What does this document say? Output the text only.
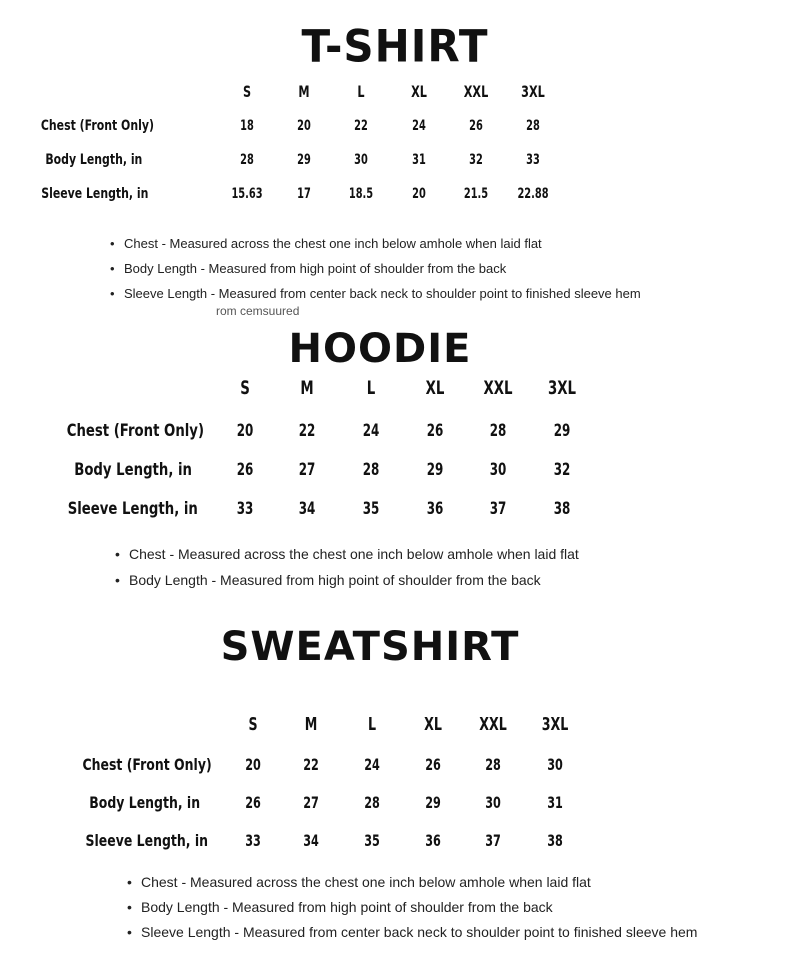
T-SHIRT
S	M	L	XL	XXL	3XL
Chest (Front Only)	18	20	22	24	26	28
Body Length, in	28	29	30	31	32	33
Sleeve Length, in	15.63	17	18.5	20	21.5	22.88
• Chest - Measured across the chest one inch below amhole when laid flat
• Body Length - Measured from high point of shoulder from the back
• Sleeve Length - Measured from center back neck to shoulder point to finished sleeve hem
rom cemsuured
HOODIE
S	M	L	XL	XXL	3XL
Chest (Front Only)	20	22	24	26	28	29
Body Length, in	26	27	28	29	30	32
Sleeve Length, in	33	34	35	36	37	38
• Chest - Measured across the chest one inch below amhole when laid flat
• Body Length - Measured from high point of shoulder from the back
SWEATSHIRT
S	M	L	XL	XXL	3XL
Chest (Front Only)	20	22	24	26	28	30
Body Length, in	26	27	28	29	30	31
Sleeve Length, in	33	34	35	36	37	38
• Chest - Measured across the chest one inch below amhole when laid flat
• Body Length - Measured from high point of shoulder from the back
• Sleeve Length - Measured from center back neck to shoulder point to finished sleeve hem
